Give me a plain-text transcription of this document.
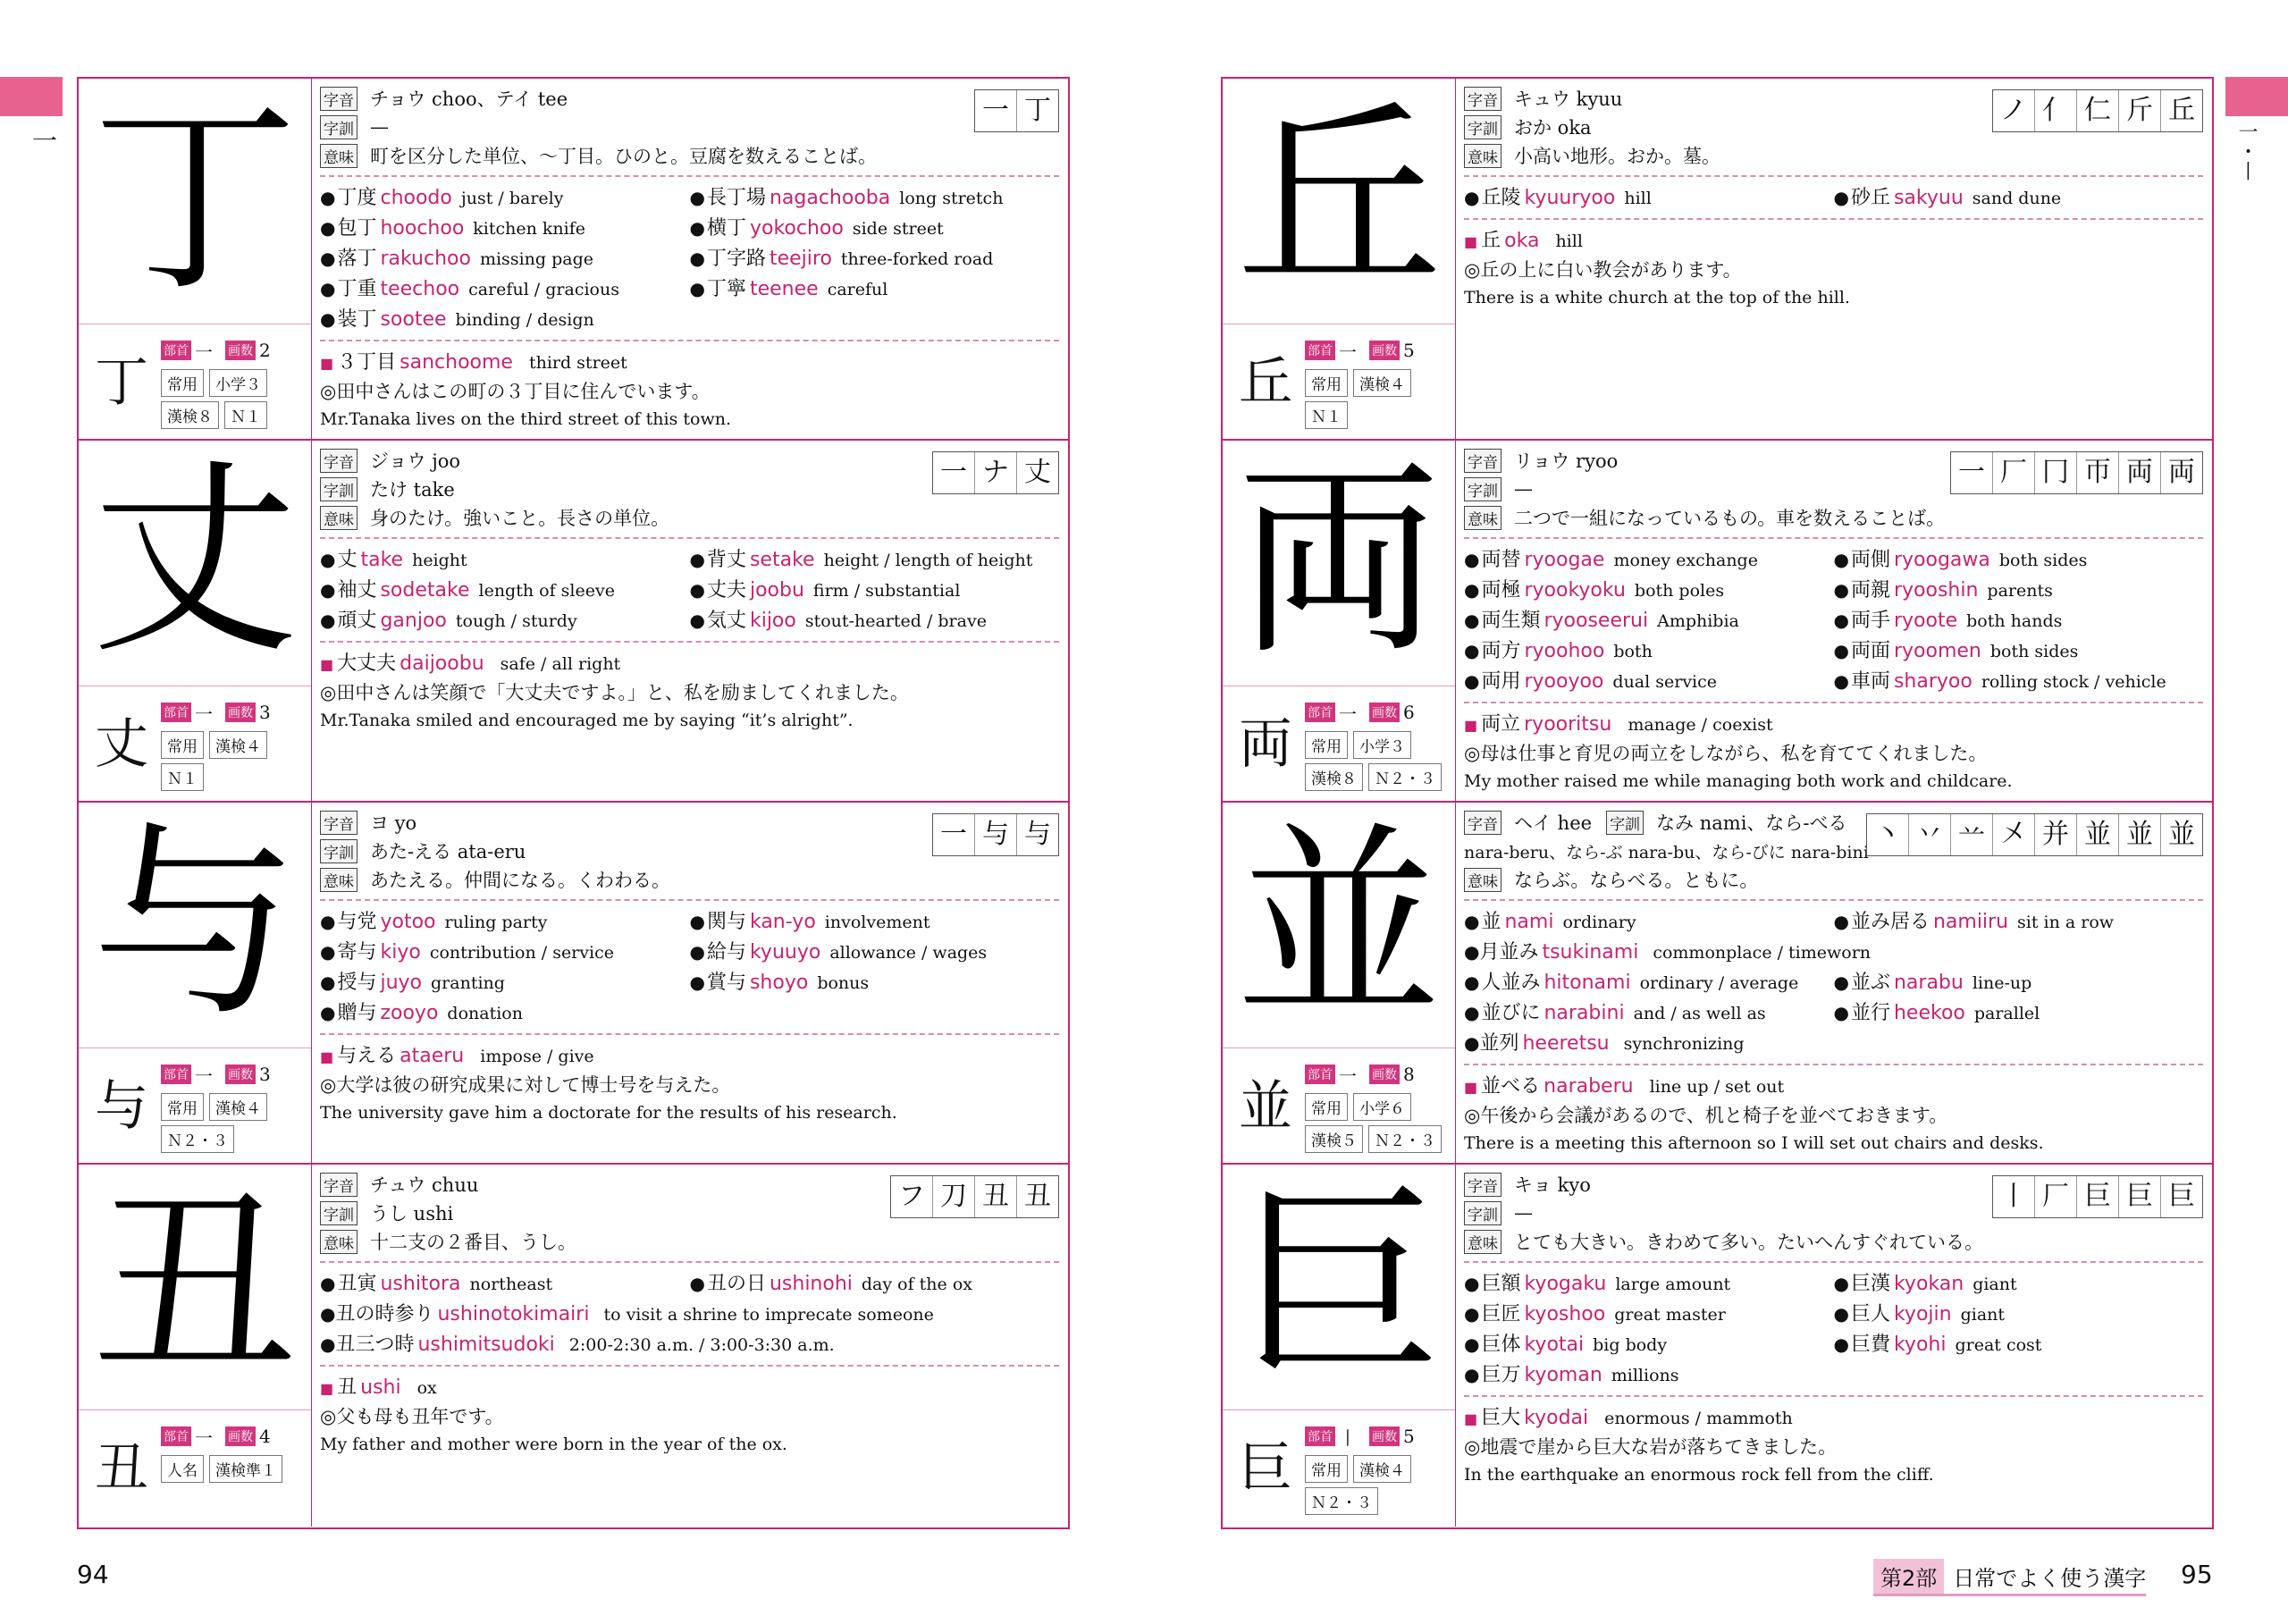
一	一・丨
丁
丁	部首 一 画数 2
常用	小学３
漢検８	Ｎ１
一 丁
字音 チョウ choo、テイ tee
字訓 —
意味 町を区分した単位、〜丁目。ひのと。豆腐を数えることば。
●丁度 choodo just / barely	●長丁場 nagachooba long stretch
●包丁 hoochoo kitchen knife	●横丁 yokochoo side street
●落丁 rakuchoo missing page	●丁字路 teejiro three-forked road
●丁重 teechoo careful / gracious	●丁寧 teenee careful
●装丁 sootee binding / design
■ ３丁目 sanchoome third street
◎田中さんはこの町の３丁目に住んでいます。
Mr.Tanaka lives on the third street of this town.
丈
丈	部首 一 画数 3
常用	漢検４
Ｎ１
一 ナ 丈
字音 ジョウ joo
字訓 たけ take
意味 身のたけ。強いこと。長さの単位。
●丈 take height	●背丈 setake height / length of height
●袖丈 sodetake length of sleeve	●丈夫 joobu firm / substantial
●頑丈 ganjoo tough / sturdy	●気丈 kijoo stout-hearted / brave
■ 大丈夫 daijoobu safe / all right
◎田中さんは笑顔で「大丈夫ですよ。」と、私を励ましてくれました。
Mr.Tanaka smiled and encouraged me by saying “it’s alright”.
与
与	部首 一 画数 3
常用	漢検４
Ｎ２・３
一 与 与
字音 ヨ yo
字訓 あた-える ata-eru
意味 あたえる。仲間になる。くわわる。
●与党 yotoo ruling party	●関与 kan-yo involvement
●寄与 kiyo contribution / service	●給与 kyuuyo allowance / wages
●授与 juyo granting	●賞与 shoyo bonus
●贈与 zooyo donation
■ 与える ataeru impose / give
◎大学は彼の研究成果に対して博士号を与えた。
The university gave him a doctorate for the results of his research.
丑
丑	部首 一 画数 4
人名	漢検準１
フ 刀 丑 丑
字音 チュウ chuu
字訓 うし ushi
意味 十二支の２番目、うし。
●丑寅 ushitora northeast	●丑の日 ushinohi day of the ox
●丑の時参り ushinotokimairi to visit a shrine to imprecate someone
●丑三つ時 ushimitsudoki 2:00-2:30 a.m. / 3:00-3:30 a.m.
■ 丑 ushi ox
◎父も母も丑年です。
My father and mother were born in the year of the ox.
丘
丘	部首 一 画数 5
常用	漢検４
Ｎ１
ノ 亻 仁 斤 丘
字音 キュウ kyuu
字訓 おか oka
意味 小高い地形。おか。墓。
●丘陵 kyuuryoo hill	●砂丘 sakyuu sand dune
■ 丘 oka hill
◎丘の上に白い教会があります。
There is a white church at the top of the hill.
両
両	部首 一 画数 6
常用	小学３
漢検８	Ｎ２・３
一 厂 冂 帀 両 両
字音 リョウ ryoo
字訓 —
意味 二つで一組になっているもの。車を数えることば。
●両替 ryoogae money exchange	●両側 ryoogawa both sides
●両極 ryookyoku both poles	●両親 ryooshin parents
●両生類 ryooseerui Amphibia	●両手 ryoote both hands
●両方 ryoohoo both	●両面 ryoomen both sides
●両用 ryooyoo dual service	●車両 sharyoo rolling stock / vehicle
■ 両立 ryooritsu manage / coexist
◎母は仕事と育児の両立をしながら、私を育ててくれました。
My mother raised me while managing both work and childcare.
並
並	部首 一 画数 8
常用	小学６
漢検５	Ｎ２・３
丶 丷 䒑 㐅 并 並 並 並
字音 ヘイ hee 字訓 なみ nami、なら-べる
nara-beru、なら-ぶ nara-bu、なら-びに nara-bini
意味 ならぶ。ならべる。ともに。
●並 nami ordinary	●並み居る namiiru sit in a row
●月並み tsukinami commonplace / timeworn
●人並み hitonami ordinary / average	●並ぶ narabu line-up
●並びに narabini and / as well as	●並行 heekoo parallel
●並列 heeretsu synchronizing
■ 並べる naraberu line up / set out
◎午後から会議があるので、机と椅子を並べておきます。
There is a meeting this afternoon so I will set out chairs and desks.
巨
巨	部首 丨 画数 5
常用	漢検４
Ｎ２・３
丨 厂 巨 巨 巨
字音 キョ kyo
字訓 —
意味 とても大きい。きわめて多い。たいへんすぐれている。
●巨額 kyogaku large amount	●巨漢 kyokan giant
●巨匠 kyoshoo great master	●巨人 kyojin giant
●巨体 kyotai big body	●巨費 kyohi great cost
●巨万 kyoman millions
■ 巨大 kyodai enormous / mammoth
◎地震で崖から巨大な岩が落ちてきました。
In the earthquake an enormous rock fell from the cliff.
94	第2部 日常でよく使う漢字 95
